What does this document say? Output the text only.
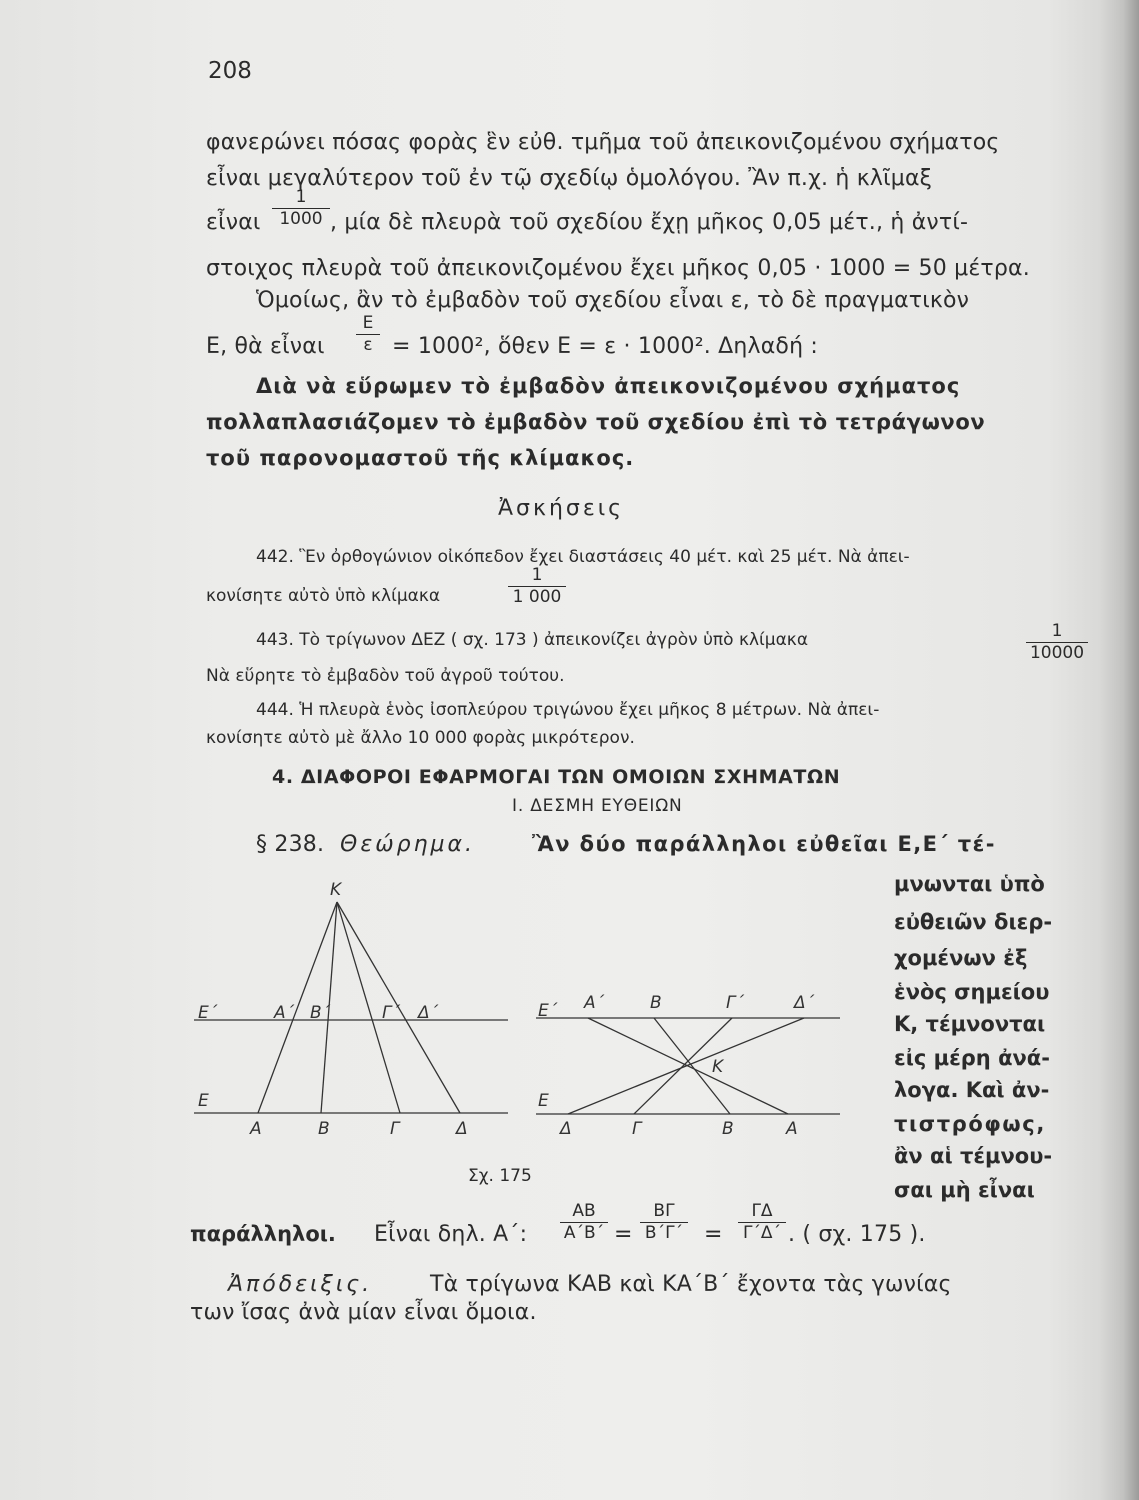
208
φανερώνει πόσας φορὰς ἓν εὐθ. τμῆμα τοῦ ἀπεικονιζομένου σχήματος
εἶναι μεγαλύτερον τοῦ ἐν τῷ σχεδίῳ ὁμολόγου. Ἂν π.χ. ἡ κλῖμαξ
εἶναι
1
1000 , μία δὲ πλευρὰ τοῦ σχεδίου ἔχῃ μῆκος 0,05 μέτ., ἡ ἀντί-
στοιχος πλευρὰ τοῦ ἀπεικονιζομένου ἔχει μῆκος 0,05 · 1000 = 50 μέτρα.
Ὁμοίως, ἂν τὸ ἐμβαδὸν τοῦ σχεδίου εἶναι ε, τὸ δὲ πραγματικὸν
Ε, θὰ εἶναι
Ε
ε = 1000², ὅθεν Ε = ε · 1000². Δηλαδή :
Διὰ νὰ εὕρωμεν τὸ ἐμβαδὸν ἀπεικονιζομένου σχήματος
πολλαπλασιάζομεν τὸ ἐμβαδὸν τοῦ σχεδίου ἐπὶ τὸ τετράγωνον
τοῦ παρονομαστοῦ τῆς κλίμακος.
Ἀσκήσεις
442. Ἓν ὀρθογώνιον οἰκόπεδον ἔχει διαστάσεις 40 μέτ. καὶ 25 μέτ. Νὰ ἀπει-
κονίσητε αὐτὸ ὑπὸ κλίμακα
1
1 000
443. Τὸ τρίγωνον ΔΕΖ ( σχ. 173 ) ἀπεικονίζει ἀγρὸν ὑπὸ κλίμακα	1
10000
Νὰ εὕρητε τὸ ἐμβαδὸν τοῦ ἀγροῦ τούτου.
444. Ἡ πλευρὰ ἑνὸς ἰσοπλεύρου τριγώνου ἔχει μῆκος 8 μέτρων. Νὰ ἀπει-
κονίσητε αὐτὸ μὲ ἄλλο 10 000 φορὰς μικρότερον.
4. ΔΙΑΦΟΡΟΙ ΕΦΑΡΜΟΓΑΙ ΤΩΝ ΟΜΟΙΩΝ ΣΧΗΜΑΤΩΝ
Ι. ΔΕΣΜΗ ΕΥΘΕΙΩΝ
§ 238. Θεώρημα.	Ἂν δύο παράλληλοι εὐθεῖαι Ε,Ε΄ τέ-
μνωνται ὑπὸ
εὐθειῶν διερ-
χομένων ἐξ
ἑνὸς σημείου
Κ, τέμνονται
εἰς μέρη ἀνά-
λογα. Καὶ ἀν-
τιστρόφως,
ἂν αἱ τέμνου-
σαι μὴ εἶναι
Κ
Ε΄	Α΄ Β΄	Γ΄ Δ΄
Ε
Α	Β	Γ	Δ
Ε΄ Α΄	Β	Γ΄	Δ΄
Κ
Ε
Δ	Γ	Β	Α
Σχ. 175
παράλληλοι. Εἶναι δηλ. Α΄:
ΑΒ
Α΄Β΄ =
ΒΓ
Β΄Γ΄ =
ΓΔ
Γ΄Δ΄ . ( σχ. 175 ).
Ἀπόδειξις.	Τὰ τρίγωνα ΚΑΒ καὶ ΚΑ΄Β΄ ἔχοντα τὰς γωνίας
των ἴσας ἀνὰ μίαν εἶναι ὅμοια.
